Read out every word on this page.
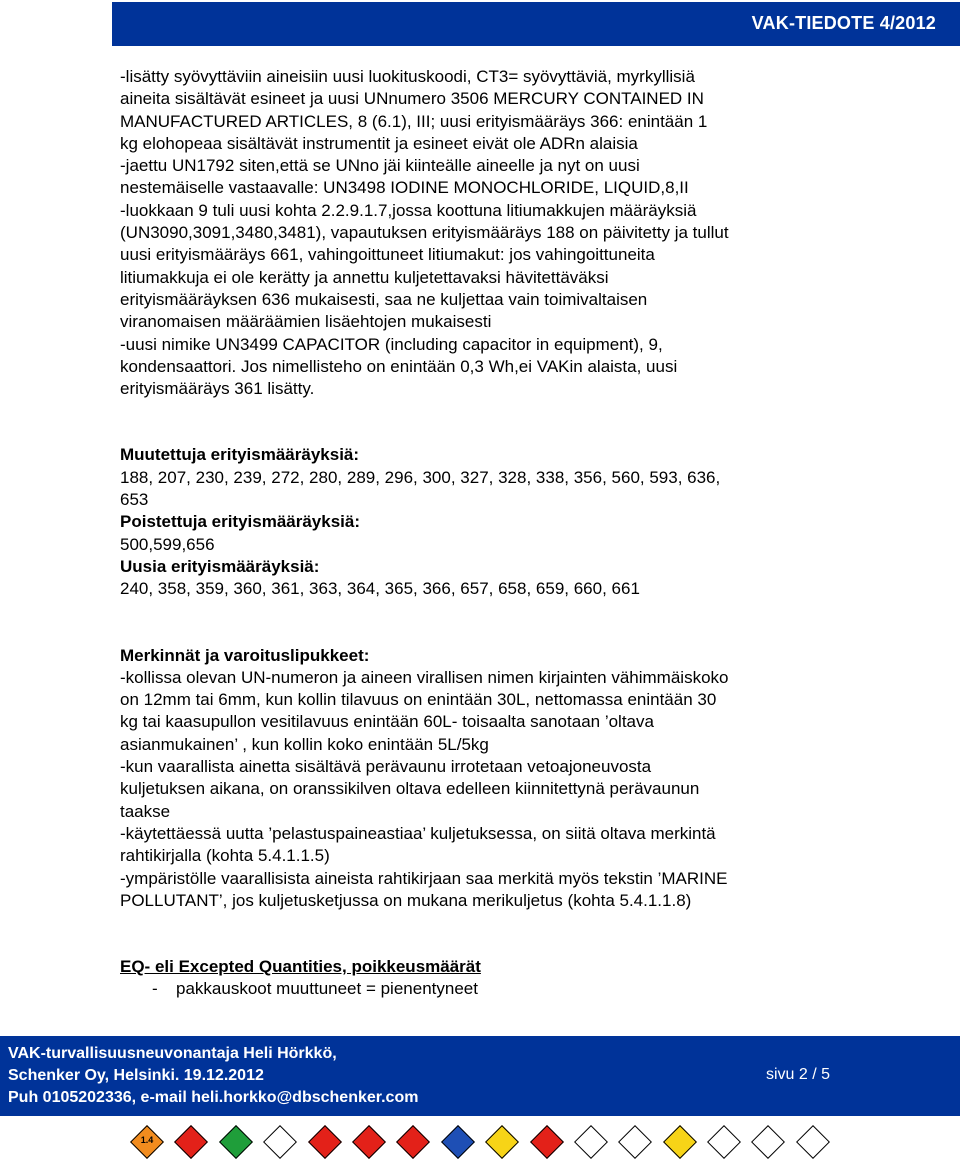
VAK-TIEDOTE 4/2012

-lisätty syövyttäviin aineisiin uusi luokituskoodi, CT3= syövyttäviä, myrkyllisiä

aineita sisältävät esineet ja uusi UNnumero 3506 MERCURY CONTAINED IN

MANUFACTURED ARTICLES, 8 (6.1), III; uusi erityismääräys 366: enintään 1

kg elohopeaa sisältävät instrumentit ja esineet eivät ole ADRn alaisia

-jaettu UN1792 siten,että se UNno jäi kiinteälle aineelle ja nyt on uusi

nestemäiselle vastaavalle: UN3498 IODINE MONOCHLORIDE, LIQUID,8,II

-luokkaan 9 tuli uusi kohta 2.2.9.1.7,jossa koottuna litiumakkujen määräyksiä

(UN3090,3091,3480,3481), vapautuksen erityismääräys 188 on päivitetty ja tullut

uusi erityismääräys 661, vahingoittuneet litiumakut: jos vahingoittuneita

litiumakkuja ei ole kerätty ja annettu kuljetettavaksi hävitettäväksi

erityismääräyksen 636 mukaisesti, saa ne kuljettaa vain toimivaltaisen

viranomaisen määräämien lisäehtojen mukaisesti

-uusi nimike UN3499 CAPACITOR (including capacitor in equipment), 9,

kondensaattori. Jos nimellisteho on enintään 0,3 Wh,ei VAKin alaista, uusi

erityismääräys 361 lisätty.

Muutettuja erityismääräyksiä:

188, 207, 230, 239, 272, 280, 289, 296, 300, 327, 328, 338, 356, 560, 593, 636,

653

Poistettuja erityismääräyksiä:

500,599,656

Uusia erityismääräyksiä:

240, 358, 359, 360, 361, 363, 364, 365, 366, 657, 658, 659, 660, 661

Merkinnät ja varoituslipukkeet:

-kollissa olevan UN-numeron ja aineen virallisen nimen kirjainten vähimmäiskoko

on 12mm tai 6mm, kun kollin tilavuus on enintään 30L, nettomassa enintään 30

kg tai kaasupullon vesitilavuus enintään 60L- toisaalta sanotaan ’oltava

asianmukainen’ , kun kollin koko enintään 5L/5kg

-kun vaarallista ainetta sisältävä perävaunu irrotetaan vetoajoneuvosta

kuljetuksen aikana, on oranssikilven oltava edelleen kiinnitettynä perävaunun

taakse

-käytettäessä uutta ’pelastuspaineastiaa’ kuljetuksessa, on siitä oltava merkintä

rahtikirjalla (kohta 5.4.1.1.5)

-ympäristölle vaarallisista aineista rahtikirjaan saa merkitä myös tekstin ’MARINE

POLLUTANT’, jos kuljetusketjussa on mukana merikuljetus (kohta 5.4.1.1.8)

EQ- eli Excepted Quantities, poikkeusmäärät

- pakkauskoot muuttuneet = pienentyneet

VAK-turvallisuusneuvonantaja Heli Hörkkö,
Schenker Oy, Helsinki. 19.12.2012
Puh 0105202336, e-mail heli.horkko@dbschenker.com
sivu 2 / 5
1.4
